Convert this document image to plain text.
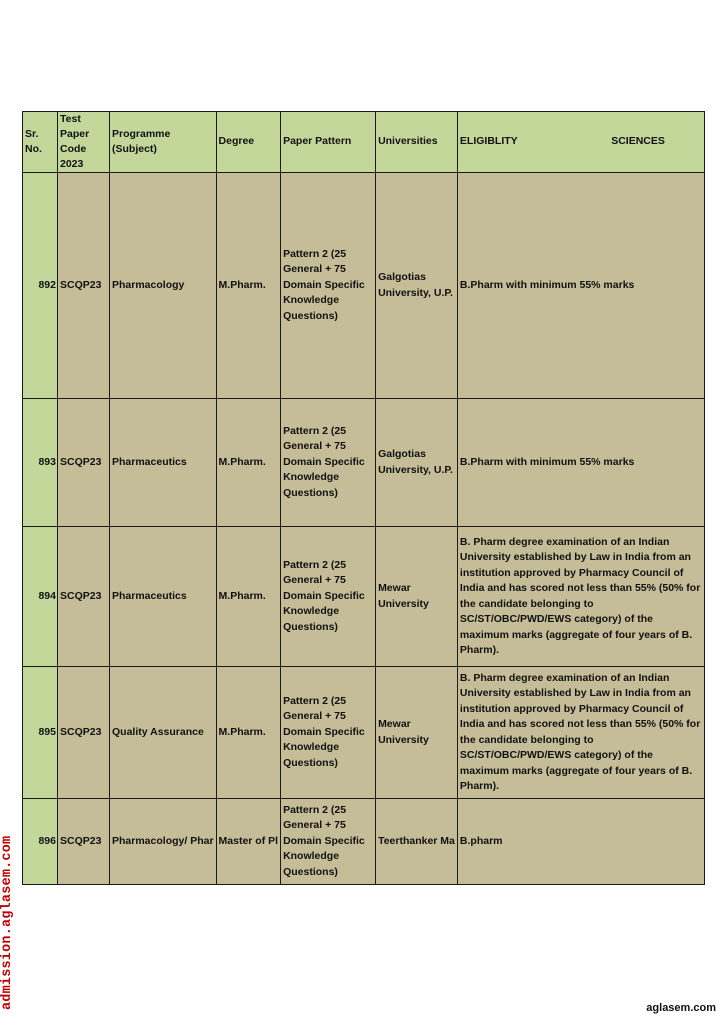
Sr. No.	Test Paper Code 2023	Programme (Subject)	Degree	Paper Pattern	Universities	ELIGIBLITY SCIENCES

892	SCQP23	Pharmacology	M.Pharm.	Pattern 2 (25 General + 75 Domain Specific Knowledge Questions)	Galgotias University, U.P.	B.Pharm with minimum 55% marks
893	SCQP23	Pharmaceutics	M.Pharm.	Pattern 2 (25 General + 75 Domain Specific Knowledge Questions)	Galgotias University, U.P.	B.Pharm with minimum 55% marks
894	SCQP23	Pharmaceutics	M.Pharm.	Pattern 2 (25 General + 75 Domain Specific Knowledge Questions)	Mewar University	B. Pharm degree examination of an Indian University established by Law in India from an institution approved by Pharmacy Council of India and has scored not less than 55% (50% for the candidate belonging to SC/ST/OBC/PWD/EWS category) of the maximum marks (aggregate of four years of B. Pharm).
895	SCQP23	Quality Assurance	M.Pharm.	Pattern 2 (25 General + 75 Domain Specific Knowledge Questions)	Mewar University	B. Pharm degree examination of an Indian University established by Law in India from an institution approved by Pharmacy Council of India and has scored not less than 55% (50% for the candidate belonging to SC/ST/OBC/PWD/EWS category) of the maximum marks (aggregate of four years of B. Pharm).
896	SCQP23	Pharmacology/ Phar	Master of Pl	Pattern 2 (25 General + 75 Domain Specific Knowledge Questions)	Teerthanker Ma	B.pharm
admission.aglasem.com	aglasem.com
